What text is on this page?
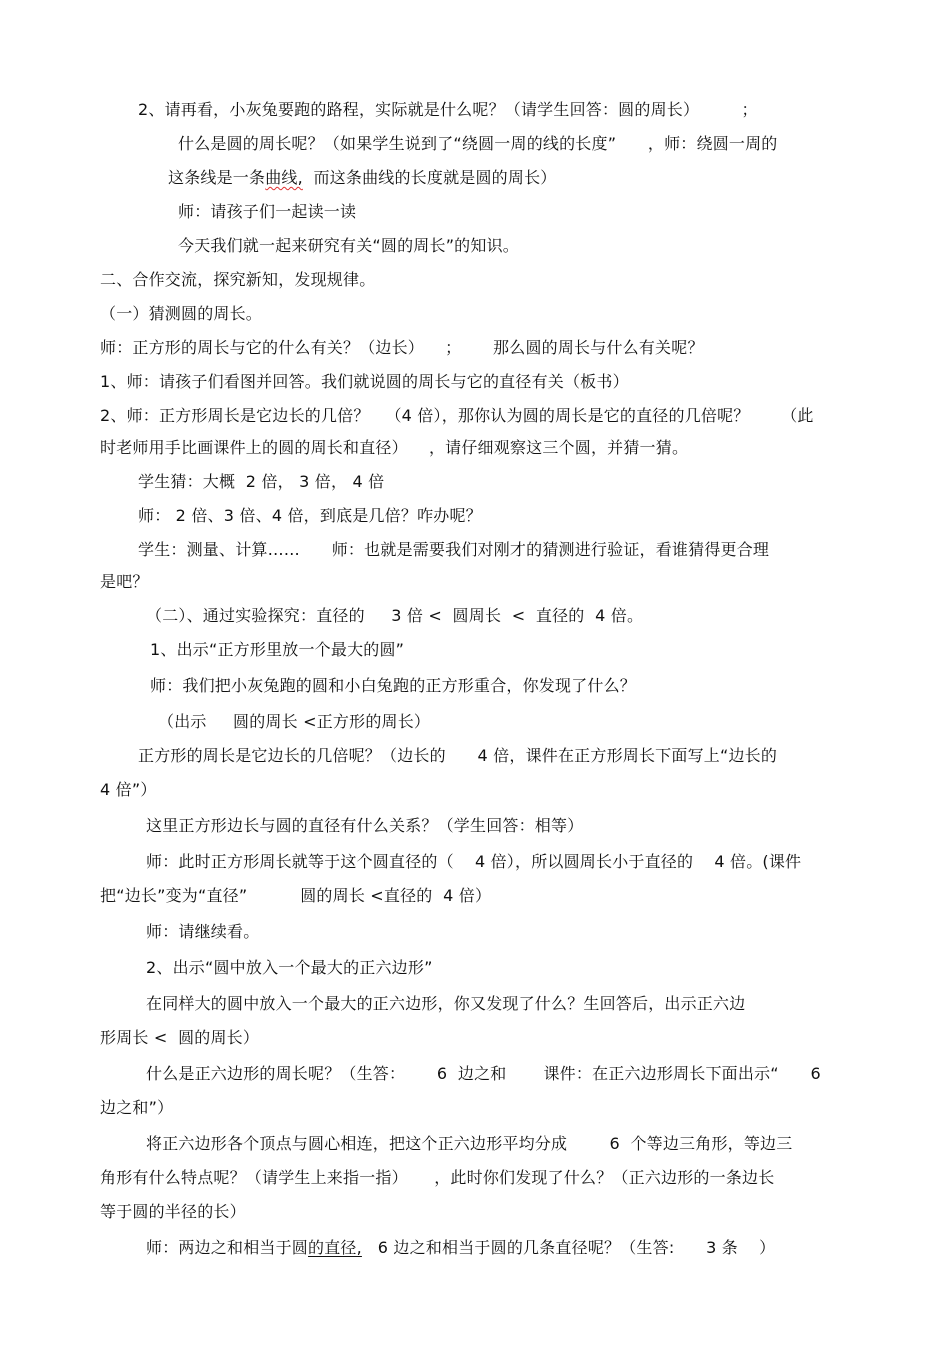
2、请再看，小灰兔要跑的路程，实际就是什么呢？（请学生回答：圆的周长）        ；
什么是圆的周长呢？（如果学生说到了“绕圆一周的线的长度”      ，师：绕圆一周的
这条线是一条曲线,  而这条曲线的长度就是圆的周长）
师：请孩子们一起读一读
今天我们就一起来研究有关“圆的周长”的知识。
二、合作交流，探究新知，发现规律。
（一）猜测圆的周长。
师：正方形的周长与它的什么有关？（边长）    ；      那么圆的周长与什么有关呢？
1、师：请孩子们看图并回答。我们就说圆的周长与它的直径有关（板书）
2、师：正方形周长是它边长的几倍？   （4 倍），那你认为圆的周长是它的直径的几倍呢？      （此
时老师用手比画课件上的圆的周长和直径）    ，请仔细观察这三个圆，并猜一猜。
学生猜：大概  2 倍， 3 倍， 4 倍
师： 2 倍、3 倍、4 倍，到底是几倍？咋办呢？
学生：测量、计算……      师：也就是需要我们对刚才的猜测进行验证，看谁猜得更合理
是吧？
（二）、通过实验探究：直径的     3 倍 <  圆周长  <  直径的  4 倍。
1、出示“正方形里放一个最大的圆”
师：我们把小灰兔跑的圆和小白兔跑的正方形重合，你发现了什么？
（出示     圆的周长 <正方形的周长）
正方形的周长是它边长的几倍呢？（边长的      4 倍，课件在正方形周长下面写上“边长的
4 倍”）
这里正方形边长与圆的直径有什么关系？（学生回答：相等）
师：此时正方形周长就等于这个圆直径的（    4 倍），所以圆周长小于直径的    4 倍。(课件
把“边长”变为“直径”          圆的周长 <直径的  4 倍）
师：请继续看。
2、出示“圆中放入一个最大的正六边形”
在同样大的圆中放入一个最大的正六边形，你又发现了什么？生回答后，出示正六边
形周长 <  圆的周长）
什么是正六边形的周长呢？（生答：      6  边之和       课件：在正六边形周长下面出示“      6
边之和”）
将正六边形各个顶点与圆心相连，把这个正六边形平均分成        6  个等边三角形，等边三
角形有什么特点呢？（请学生上来指一指）     ，此时你们发现了什么？（正六边形的一条边长
等于圆的半径的长）
师：两边之和相当于圆的直径,   6 边之和相当于圆的几条直径呢？（生答:      3 条    ）
